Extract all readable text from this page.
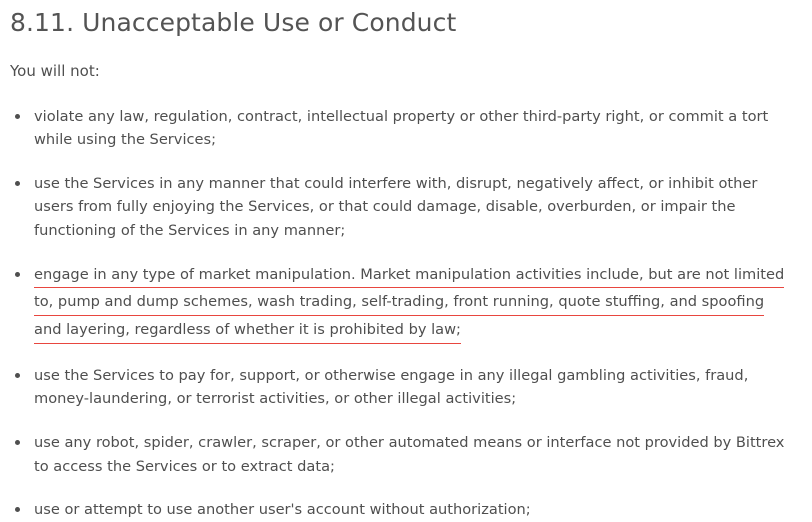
8.11. Unacceptable Use or Conduct

You will not:

violate any law, regulation, contract, intellectual property or other third-party right, or commit a tort while using the Services;
use the Services in any manner that could interfere with, disrupt, negatively affect, or inhibit other users from fully enjoying the Services, or that could damage, disable, overburden, or impair the functioning of the Services in any manner;
engage in any type of market manipulation. Market manipulation activities include, but are not limited
to, pump and dump schemes, wash trading, self-trading, front running, quote stuffing, and spoofing
and layering, regardless of whether it is prohibited by law;
use the Services to pay for, support, or otherwise engage in any illegal gambling activities, fraud, money-laundering, or terrorist activities, or other illegal activities;
use any robot, spider, crawler, scraper, or other automated means or interface not provided by Bittrex to access the Services or to extract data;
use or attempt to use another user's account without authorization;
